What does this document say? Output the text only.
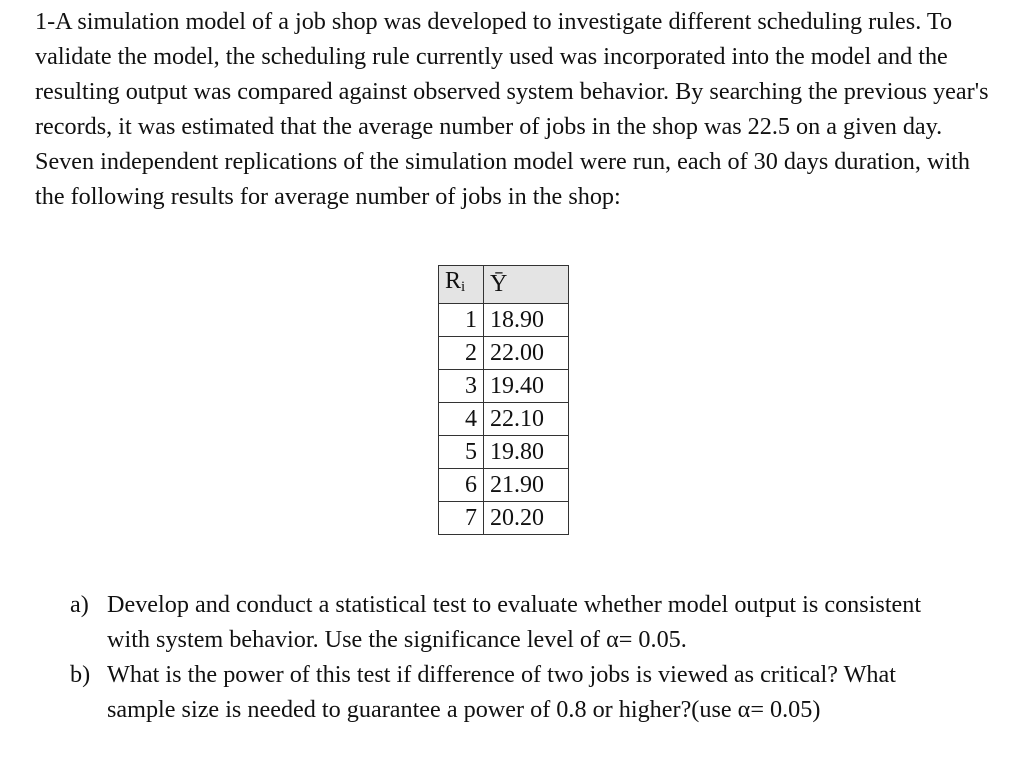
1-A simulation model of a job shop was developed to investigate different scheduling rules. To validate the model, the scheduling rule currently used was incorporated into the model and the resulting output was compared against observed system behavior. By searching the previous year's records, it was estimated that the average number of jobs in the shop was 22.5 on a given day. Seven independent replications of the simulation model were run, each of 30 days duration, with the following results for average number of jobs in the shop:

Ri	Ȳ
1	18.90
2	22.00
3	19.40
4	22.10
5	19.80
6	21.90
7	20.20
a) Develop and conduct a statistical test to evaluate whether model output is consistent with system behavior. Use the significance level of α= 0.05.
b) What is the power of this test if difference of two jobs is viewed as critical? What sample size is needed to guarantee a power of 0.8 or higher?(use α= 0.05)
